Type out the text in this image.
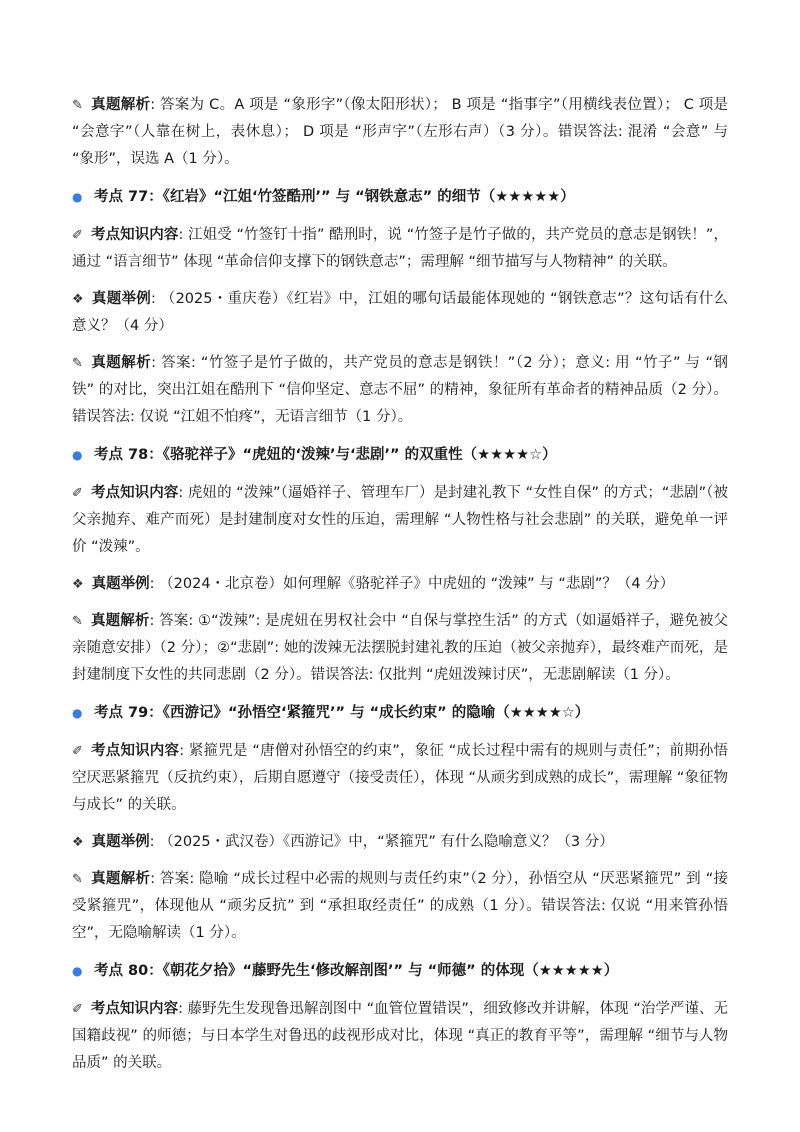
✎ 真题解析: 答案为 C。A 项是 “象形字”（像太阳形状）； B 项是 “指事字”（用横线表位置）； C 项是 “会意字”（人靠在树上，表休息）； D 项是 “形声字”（左形右声）（3 分）。错误答法: 混淆 “会意” 与 “象形”，误选 A（1 分）。

● 考点 77：《红岩》“江姐‘竹签酷刑’” 与 “钢铁意志” 的细节（★★★★★）

✐ 考点知识内容: 江姐受 “竹签钉十指” 酷刑时，说 “竹签子是竹子做的，共产党员的意志是钢铁！”，通过 “语言细节” 体现 “革命信仰支撑下的钢铁意志”；需理解 “细节描写与人物精神” 的关联。

❖ 真题举例: （2025・重庆卷）《红岩》中，江姐的哪句话最能体现她的 “钢铁意志”？这句话有什么意义？（4 分）

✎ 真题解析: 答案: “竹签子是竹子做的，共产党员的意志是钢铁！”（2 分）；意义: 用 “竹子” 与 “钢铁” 的对比，突出江姐在酷刑下 “信仰坚定、意志不屈” 的精神，象征所有革命者的精神品质（2 分）。错误答法: 仅说 “江姐不怕疼”，无语言细节（1 分）。

● 考点 78：《骆驼祥子》“虎妞的‘泼辣’与‘悲剧’” 的双重性（★★★★☆）

✐ 考点知识内容: 虎妞的 “泼辣”（逼婚祥子、管理车厂）是封建礼教下 “女性自保” 的方式；“悲剧”（被父亲抛弃、难产而死）是封建制度对女性的压迫，需理解 “人物性格与社会悲剧” 的关联，避免单一评价 “泼辣”。

❖ 真题举例: （2024・北京卷）如何理解《骆驼祥子》中虎妞的 “泼辣” 与 “悲剧”？（4 分）

✎ 真题解析: 答案: ①“泼辣”: 是虎妞在男权社会中 “自保与掌控生活” 的方式（如逼婚祥子，避免被父亲随意安排）（2 分）；②“悲剧”: 她的泼辣无法摆脱封建礼教的压迫（被父亲抛弃），最终难产而死，是封建制度下女性的共同悲剧（2 分）。错误答法: 仅批判 “虎妞泼辣讨厌”，无悲剧解读（1 分）。

● 考点 79：《西游记》“孙悟空‘紧箍咒’” 与 “成长约束” 的隐喻（★★★★☆）

✐ 考点知识内容: 紧箍咒是 “唐僧对孙悟空的约束”，象征 “成长过程中需有的规则与责任”；前期孙悟空厌恶紧箍咒（反抗约束），后期自愿遵守（接受责任），体现 “从顽劣到成熟的成长”，需理解 “象征物与成长” 的关联。

❖ 真题举例: （2025・武汉卷）《西游记》中，“紧箍咒” 有什么隐喻意义？（3 分）

✎ 真题解析: 答案: 隐喻 “成长过程中必需的规则与责任约束”（2 分），孙悟空从 “厌恶紧箍咒” 到 “接受紧箍咒”，体现他从 “顽劣反抗” 到 “承担取经责任” 的成熟（1 分）。错误答法: 仅说 “用来管孙悟空”，无隐喻解读（1 分）。

● 考点 80：《朝花夕拾》“藤野先生‘修改解剖图’” 与 “师德” 的体现（★★★★★）

✐ 考点知识内容: 藤野先生发现鲁迅解剖图中 “血管位置错误”，细致修改并讲解，体现 “治学严谨、无国籍歧视” 的师德；与日本学生对鲁迅的歧视形成对比，体现 “真正的教育平等”，需理解 “细节与人物品质” 的关联。
